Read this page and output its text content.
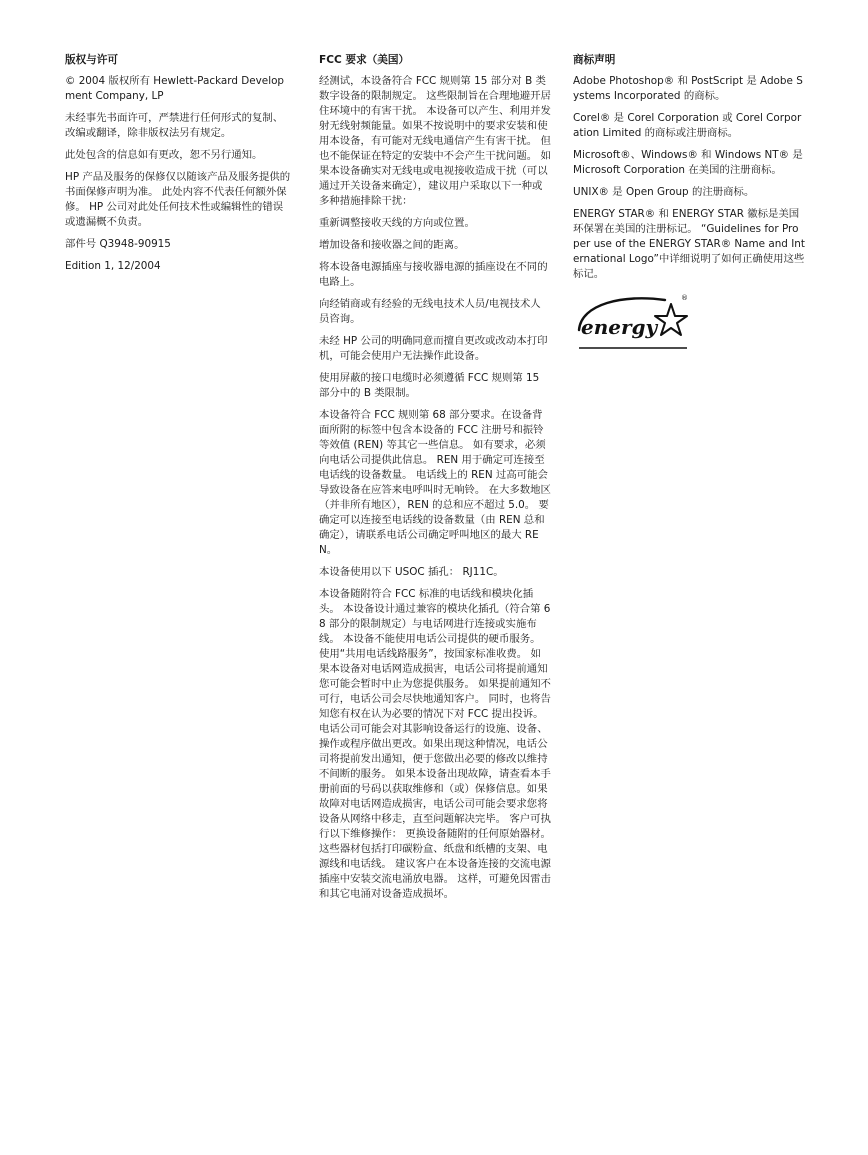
版权与许可

© 2004 版权所有 Hewlett-Packard Development Company, LP

未经事先书面许可，严禁进行任何形式的复制、改编或翻译，除非版权法另有规定。

此处包含的信息如有更改，恕不另行通知。

HP 产品及服务的保修仅以随该产品及服务提供的书面保修声明为准。 此处内容不代表任何额外保修。 HP 公司对此处任何技术性或编辑性的错误或遗漏概不负责。

部件号 Q3948-90915

Edition 1, 12/2004

FCC 要求（美国）

经测试，本设备符合 FCC 规则第 15 部分对 B 类数字设备的限制规定。 这些限制旨在合理地避开居住环境中的有害干扰。 本设备可以产生、利用并发射无线射频能量。如果不按说明中的要求安装和使用本设备，有可能对无线电通信产生有害干扰。 但也不能保证在特定的安装中不会产生干扰问题。 如果本设备确实对无线电或电视接收造成干扰（可以通过开关设备来确定），建议用户采取以下一种或多种措施排除干扰：

重新调整接收天线的方向或位置。

增加设备和接收器之间的距离。

将本设备电源插座与接收器电源的插座设在不同的电路上。

向经销商或有经验的无线电技术人员/电视技术人员咨询。

未经 HP 公司的明确同意而擅自更改或改动本打印机，可能会使用户无法操作此设备。

使用屏蔽的接口电缆时必须遵循 FCC 规则第 15 部分中的 B 类限制。

本设备符合 FCC 规则第 68 部分要求。在设备背面所附的标签中包含本设备的 FCC 注册号和振铃等效值 (REN) 等其它一些信息。 如有要求，必须向电话公司提供此信息。 REN 用于确定可连接至电话线的设备数量。 电话线上的 REN 过高可能会导致设备在应答来电呼叫时无响铃。 在大多数地区（并非所有地区），REN 的总和应不超过 5.0。 要确定可以连接至电话线的设备数量（由 REN 总和确定），请联系电话公司确定呼叫地区的最大 REN。

本设备使用以下 USOC 插孔： RJ11C。

本设备随附符合 FCC 标准的电话线和模块化插头。 本设备设计通过兼容的模块化插孔（符合第 68 部分的限制规定）与电话网进行连接或实施布线。 本设备不能使用电话公司提供的硬币服务。 使用“共用电话线路服务”，按国家标准收费。 如果本设备对电话网造成损害，电话公司将提前通知您可能会暂时中止为您提供服务。 如果提前通知不可行，电话公司会尽快地通知客户。 同时，也将告知您有权在认为必要的情况下对 FCC 提出投诉。 电话公司可能会对其影响设备运行的设施、设备、操作或程序做出更改。如果出现这种情况，电话公司将提前发出通知，便于您做出必要的修改以维持不间断的服务。 如果本设备出现故障，请查看本手册前面的号码以获取维修和（或）保修信息。如果故障对电话网造成损害，电话公司可能会要求您将设备从网络中移走，直至问题解决完毕。 客户可执行以下维修操作： 更换设备随附的任何原始器材。 这些器材包括打印碳粉盒、纸盘和纸槽的支架、电源线和电话线。 建议客户在本设备连接的交流电源插座中安装交流电涌放电器。 这样，可避免因雷击和其它电涌对设备造成损坏。

商标声明

Adobe Photoshop® 和 PostScript 是 Adobe Systems Incorporated 的商标。

Corel® 是 Corel Corporation 或 Corel Corporation Limited 的商标或注册商标。

Microsoft®、Windows® 和 Windows NT® 是 Microsoft Corporation 在美国的注册商标。

UNIX® 是 Open Group 的注册商标。

ENERGY STAR® 和 ENERGY STAR 徽标是美国环保署在美国的注册标记。 “Guidelines for Proper use of the ENERGY STAR® Name and International Logo”中详细说明了如何正确使用这些标记。

energy
®
